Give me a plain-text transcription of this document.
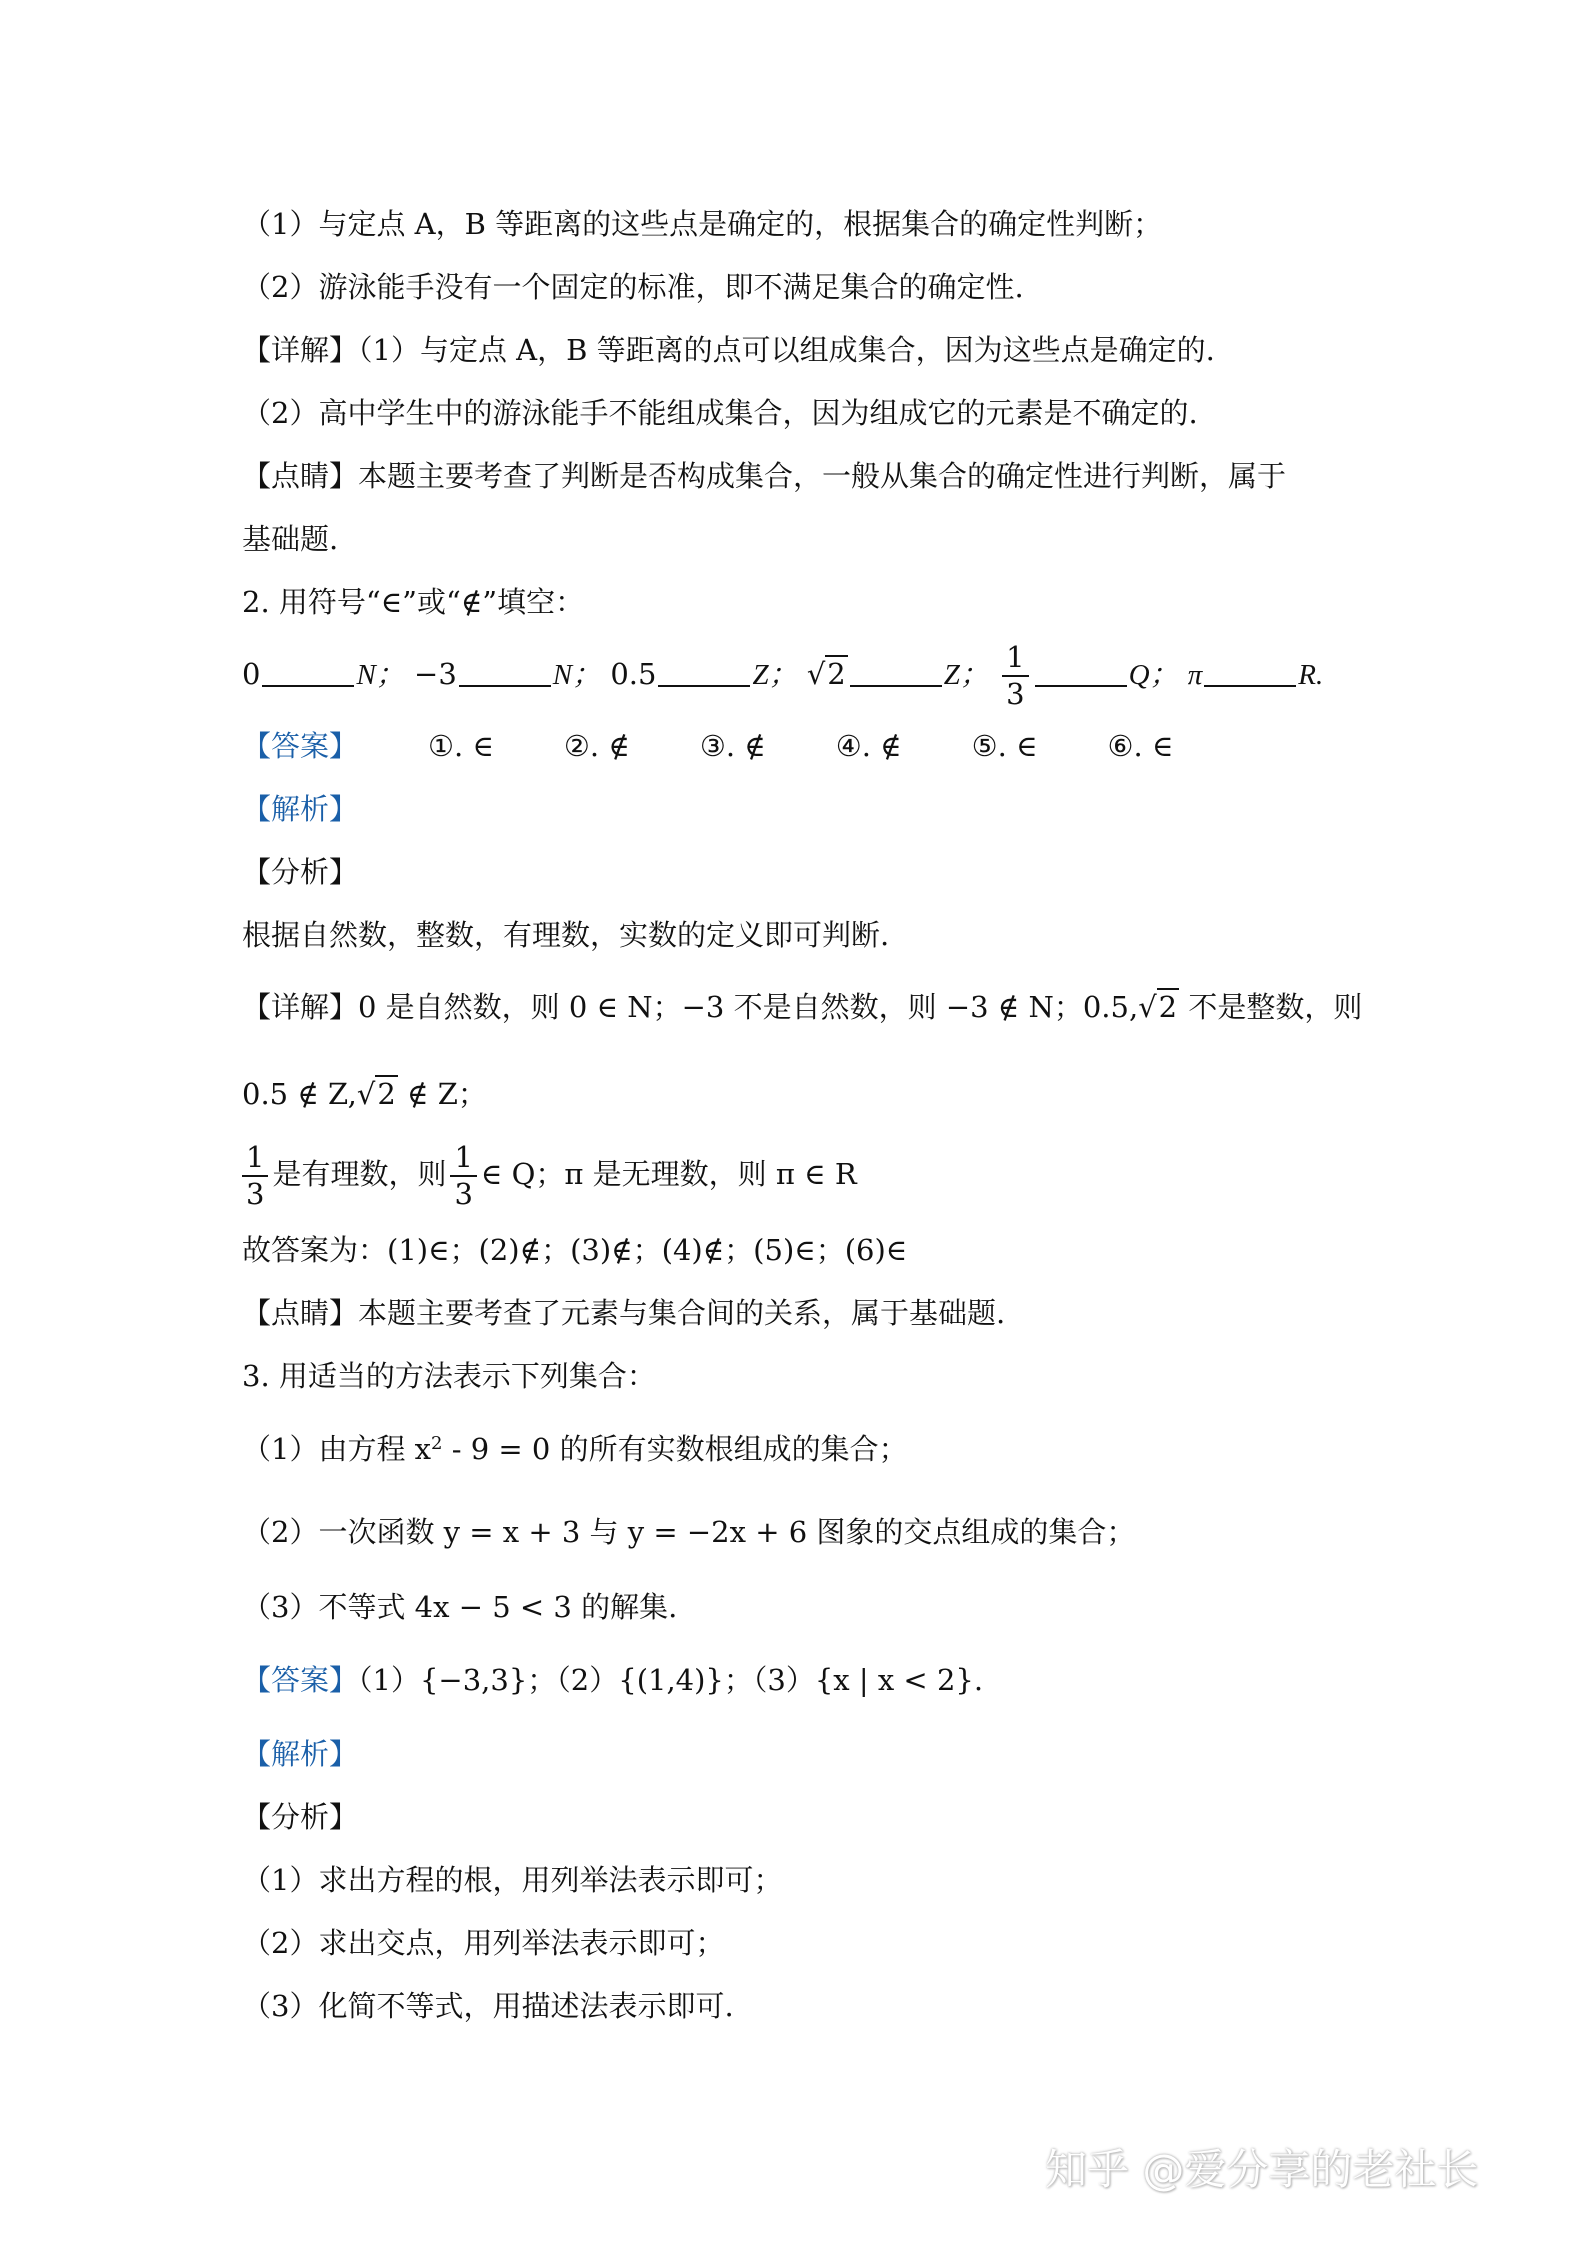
（1）与定点 A，B 等距离的这些点是确定的，根据集合的确定性判断；
（2）游泳能手没有一个固定的标准，即不满足集合的确定性.
【详解】（1）与定点 A，B 等距离的点可以组成集合，因为这些点是确定的.
（2）高中学生中的游泳能手不能组成集合，因为组成它的元素是不确定的.
【点睛】本题主要考查了判断是否构成集合，一般从集合的确定性进行判断，属于
基础题.
2. 用符号“∈”或“∉”填空：
0	N； −3	N； 0.5	Z； √2	Z； $\frac{1}{3}$	Q； π	R.
【答案】 ①. ∈ ②. ∉ ③. ∉ ④. ∉ ⑤. ∈ ⑥. ∈
【解析】
【分析】
根据自然数，整数，有理数，实数的定义即可判断.
【详解】0 是自然数，则 0 ∈ N；−3 不是自然数，则 −3 ∉ N；0.5,√2 不是整数，则
0.5 ∉ Z,√2 ∉ Z；
$\frac{1}{3}$ 是有理数，则 $\frac{1}{3}$ ∈ Q；π 是无理数，则 π ∈ R
故答案为：(1)∈；(2)∉；(3)∉；(4)∉；(5)∈；(6)∈
【点睛】本题主要考查了元素与集合间的关系，属于基础题.
3. 用适当的方法表示下列集合：
（1）由方程 $x^2 - 9 = 0$ 的所有实数根组成的集合；
（2）一次函数 y = x + 3 与 y = −2x + 6 图象的交点组成的集合；
（3）不等式 4x − 5 < 3 的解集.
【答案】（1）{−3,3}；（2）{(1,4)}；（3）{x | x < 2}.
【解析】
【分析】
（1）求出方程的根，用列举法表示即可；
（2）求出交点，用列举法表示即可；
（3）化简不等式，用描述法表示即可.
知乎 @爱分享的老社长
